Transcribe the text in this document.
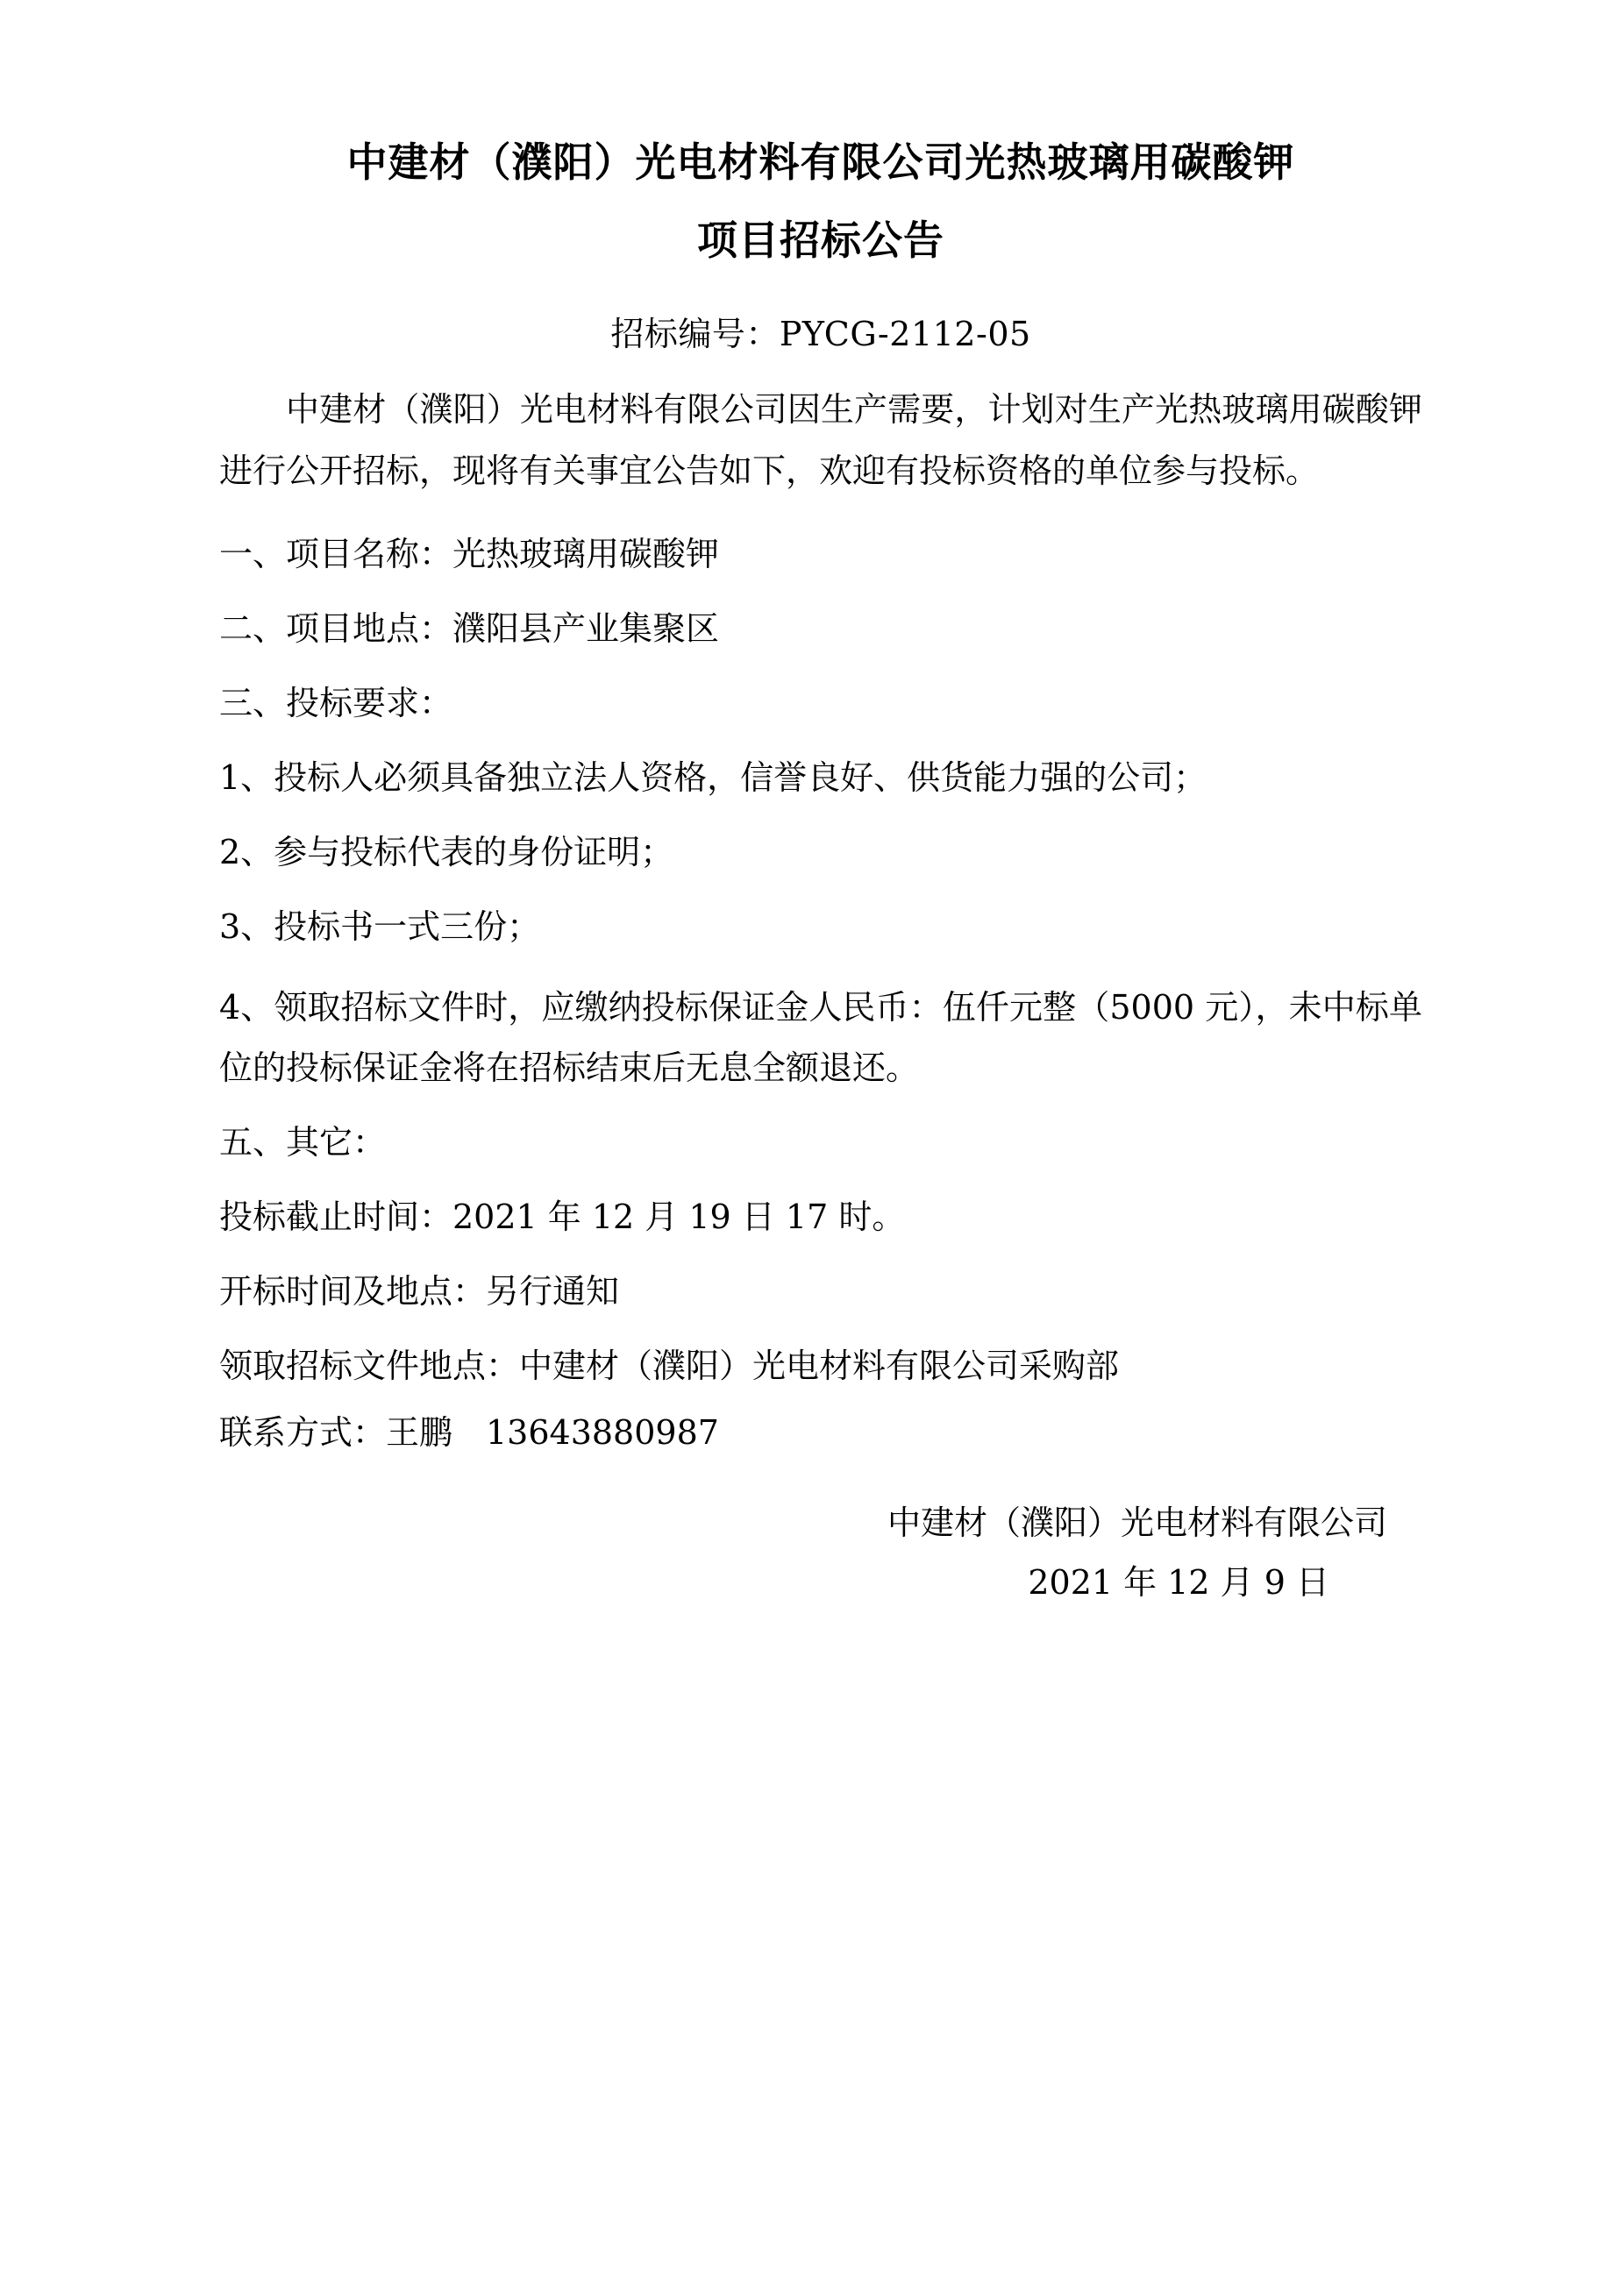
中建材（濮阳）光电材料有限公司光热玻璃用碳酸钾
项目招标公告
招标编号：PYCG-2112-05

中建材（濮阳）光电材料有限公司因生产需要，计划对生产光热玻璃用碳酸钾进行公开招标，现将有关事宜公告如下，欢迎有投标资格的单位参与投标。

一、项目名称：光热玻璃用碳酸钾

二、项目地点：濮阳县产业集聚区

三、投标要求：

1、投标人必须具备独立法人资格，信誉良好、供货能力强的公司；

2、参与投标代表的身份证明；

3、投标书一式三份；

4、领取招标文件时，应缴纳投标保证金人民币：伍仟元整（5000 元），未中标单位的投标保证金将在招标结束后无息全额退还。

五、其它：

投标截止时间：2021 年 12 月 19 日 17 时。

开标时间及地点：另行通知

领取招标文件地点：中建材（濮阳）光电材料有限公司采购部

联系方式：王鹏　13643880987

中建材（濮阳）光电材料有限公司
2021 年 12 月 9 日
